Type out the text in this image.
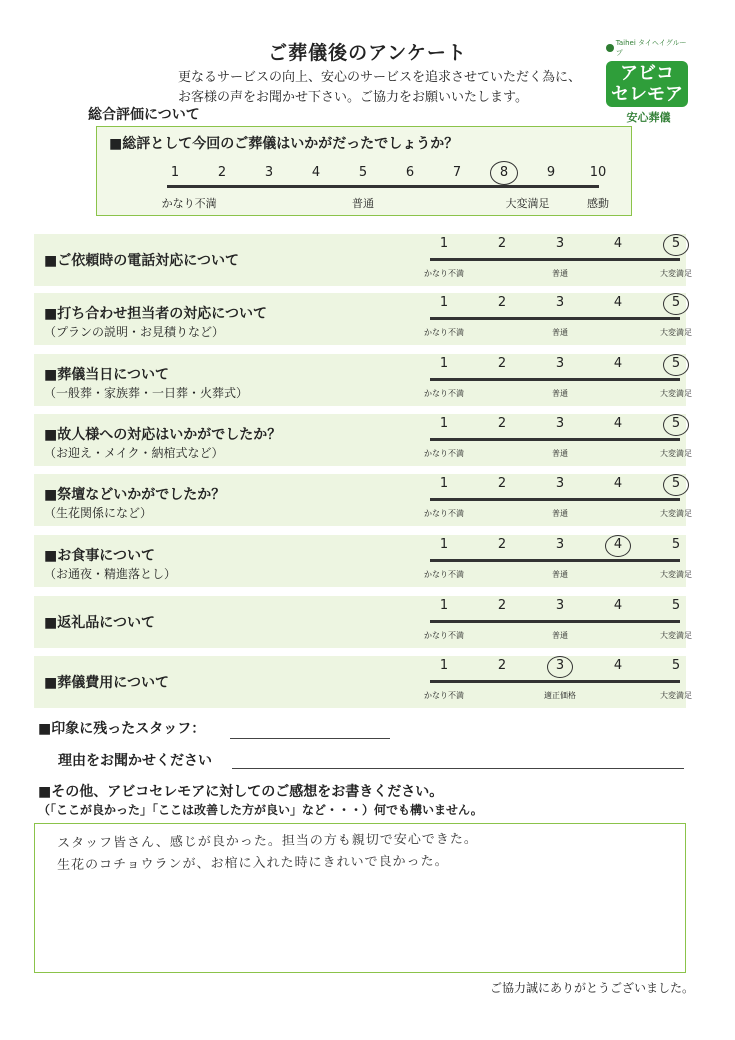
ご葬儀後のアンケート
更なるサービスの向上、安心のサービスを追求させていただく為に、
お客様の声をお聞かせ下さい。ご協力をお願いいたします。
Taihei タイヘイグループ
アビコ
セレモア
安心葬儀
総合評価について
■総評として今回のご葬儀はいかがだったでしょうか？
1	2	3	4	5	6	7	8	9	10
かなり不満	普通	大変満足	感動
■ご依頼時の電話対応について
1	2	3	4	5
かなり不満	普通	大変満足
■打ち合わせ担当者の対応について
（プランの説明・お見積りなど）
1	2	3	4	5
かなり不満	普通	大変満足
■葬儀当日について
（一般葬・家族葬・一日葬・火葬式）
1	2	3	4	5
かなり不満	普通	大変満足
■故人様への対応はいかがでしたか？
（お迎え・メイク・納棺式など）
1	2	3	4	5
かなり不満	普通	大変満足
■祭壇などいかがでしたか？
（生花関係になど）
1	2	3	4	5
かなり不満	普通	大変満足
■お食事について
（お通夜・精進落とし）
1	2	3	4	5
かなり不満	普通	大変満足
■返礼品について
1	2	3	4	5
かなり不満	普通	大変満足
■葬儀費用について
1	2	3	4	5
かなり不満	適正価格	大変満足
■印象に残ったスタッフ：
理由をお聞かせください
■その他、アビコセレモアに対してのご感想をお書きください。
（「ここが良かった」「ここは改善した方が良い」など・・・）何でも構いません。
スタッフ皆さん、感じが良かった。担当の方も親切で安心できた。
生花のコチョウランが、お棺に入れた時にきれいで良かった。
ご協力誠にありがとうございました。
